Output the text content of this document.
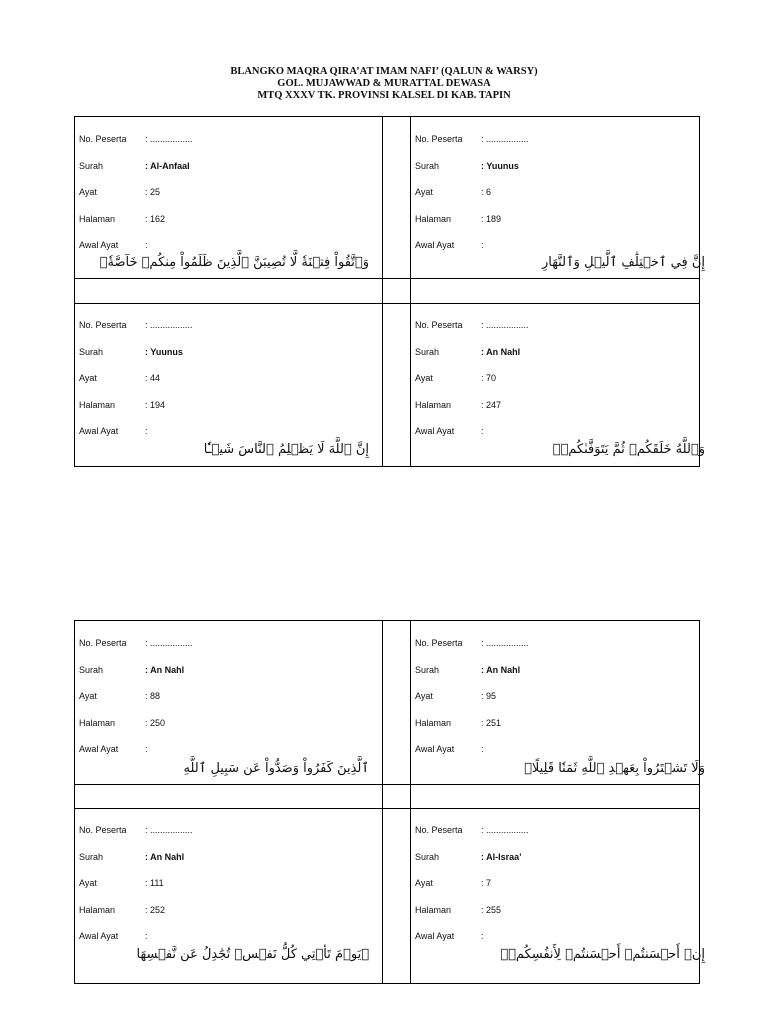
BLANGKO MAQRA QIRA’AT IMAM NAFI’ (QALUN & WARSY)
GOL. MUJAWWAD & MURATTAL DEWASA
MTQ XXXV TK. PROVINSI KALSEL DI KAB. TAPIN
No. Peserta : .................
Surah	: Al-Anfaal
Ayat	: 25
Halaman	: 162
Awal Ayat	:
وَٱتَّقُواْ فِتۡنَةٗ لَّا تُصِيبَنَّ ٱلَّذِينَ ظَلَمُواْ مِنكُمۡ خَآصَّةٗۖ
No. Peserta : .................
Surah	: Yuunus
Ayat	: 6
Halaman	: 189
Awal Ayat	:
إِنَّ فِي ٱخۡتِلَٰفِ ٱلَّيۡلِ وَٱلنَّهَارِ
No. Peserta : .................
Surah	: Yuunus
Ayat	: 44
Halaman	: 194
Awal Ayat	:
إِنَّ ٱللَّهَ لَا يَظۡلِمُ ٱلنَّاسَ شَيۡـٔٗا
No. Peserta : .................
Surah	: An Nahl
Ayat	: 70
Halaman	: 247
Awal Ayat	:
وَٱللَّهُ خَلَقَكُمۡ ثُمَّ يَتَوَفَّىٰكُمۡۚ
No. Peserta : .................
Surah	: An Nahl
Ayat	: 88
Halaman	: 250
Awal Ayat	:
ٱلَّذِينَ كَفَرُواْ وَصَدُّواْ عَن سَبِيلِ ٱللَّهِ
No. Peserta : .................
Surah	: An Nahl
Ayat	: 95
Halaman	: 251
Awal Ayat	:
وَلَا تَشۡتَرُواْ بِعَهۡدِ ٱللَّهِ ثَمَنٗا قَلِيلًاۚ
No. Peserta : .................
Surah	: An Nahl
Ayat	: 111
Halaman	: 252
Awal Ayat	:
۞يَوۡمَ تَأۡتِي كُلُّ نَفۡسٖ تُجَٰدِلُ عَن نَّفۡسِهَا
No. Peserta : .................
Surah	: Al-Israa’
Ayat	: 7
Halaman	: 255
Awal Ayat	:
إِنۡ أَحۡسَنتُمۡ أَحۡسَنتُمۡ لِأَنفُسِكُمۡۖ
